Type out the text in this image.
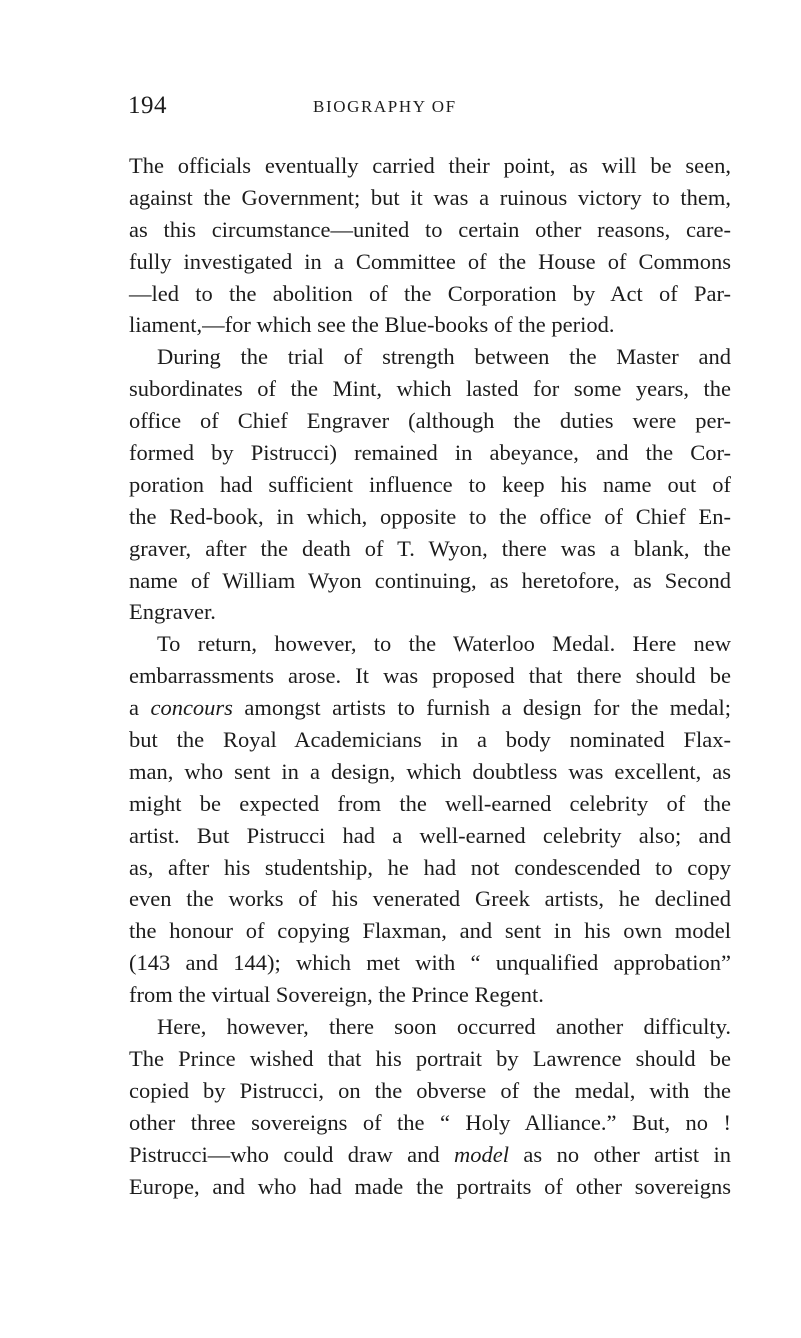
194	BIOGRAPHY OF
The officials eventually carried their point, as will be seen,
against the Government; but it was a ruinous victory to them,
as this circumstance—united to certain other reasons, care-
fully investigated in a Committee of the House of Commons
—led to the abolition of the Corporation by Act of Par-
liament,—for which see the Blue-books of the period.
During the trial of strength between the Master and
subordinates of the Mint, which lasted for some years, the
office of Chief Engraver (although the duties were per-
formed by Pistrucci) remained in abeyance, and the Cor-
poration had sufficient influence to keep his name out of
the Red-book, in which, opposite to the office of Chief En-
graver, after the death of T. Wyon, there was a blank, the
name of William Wyon continuing, as heretofore, as Second
Engraver.
To return, however, to the Waterloo Medal. Here new
embarrassments arose. It was proposed that there should be
a concours amongst artists to furnish a design for the medal;
but the Royal Academicians in a body nominated Flax-
man, who sent in a design, which doubtless was excellent, as
might be expected from the well-earned celebrity of the
artist. But Pistrucci had a well-earned celebrity also; and
as, after his studentship, he had not condescended to copy
even the works of his venerated Greek artists, he declined
the honour of copying Flaxman, and sent in his own model
(143 and 144); which met with “ unqualified approbation”
from the virtual Sovereign, the Prince Regent.
Here, however, there soon occurred another difficulty.
The Prince wished that his portrait by Lawrence should be
copied by Pistrucci, on the obverse of the medal, with the
other three sovereigns of the “ Holy Alliance.” But, no !
Pistrucci—who could draw and model as no other artist in
Europe, and who had made the portraits of other sovereigns
